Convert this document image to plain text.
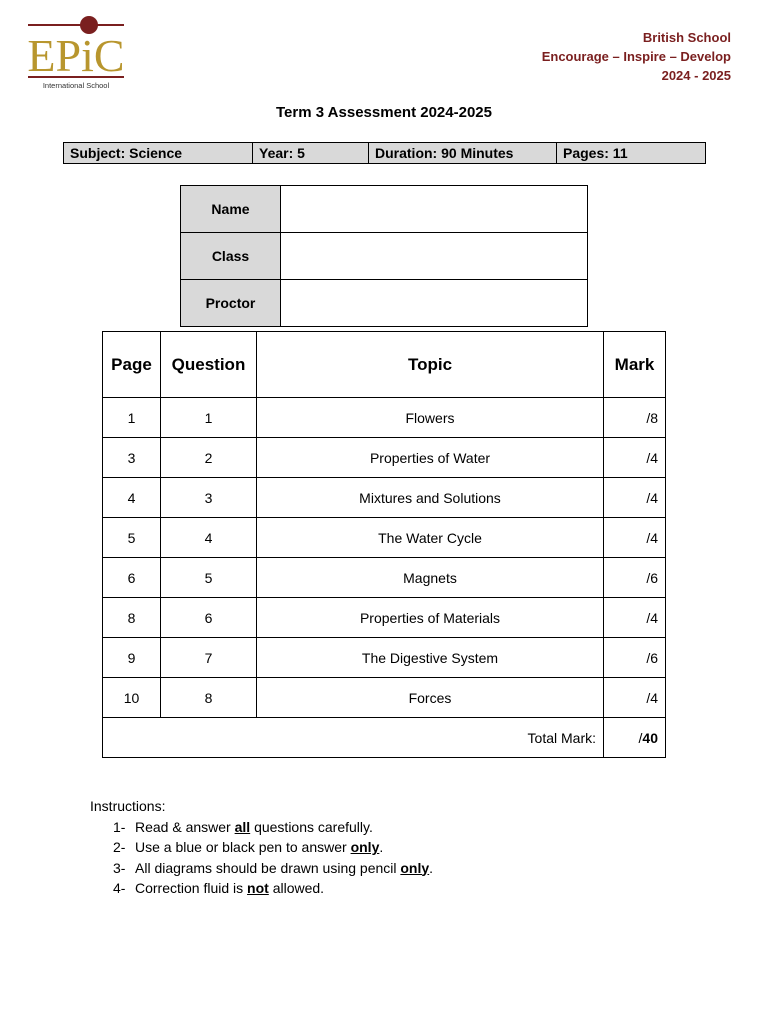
EPiC
International School
British School
Encourage – Inspire – Develop
2024 - 2025
Term 3 Assessment 2024-2025
Subject: Science	Year: 5	Duration: 90 Minutes	Pages: 11
Name	
Class	
Proctor	
Page	Question	Topic	Mark
1	1	Flowers	/8
3	2	Properties of Water	/4
4	3	Mixtures and Solutions	/4
5	4	The Water Cycle	/4
6	5	Magnets	/6
8	6	Properties of Materials	/4
9	7	The Digestive System	/6
10	8	Forces	/4
Total Mark:			/40
Instructions:
1- Read & answer all questions carefully.
2- Use a blue or black pen to answer only.
3- All diagrams should be drawn using pencil only.
4- Correction fluid is not allowed.
